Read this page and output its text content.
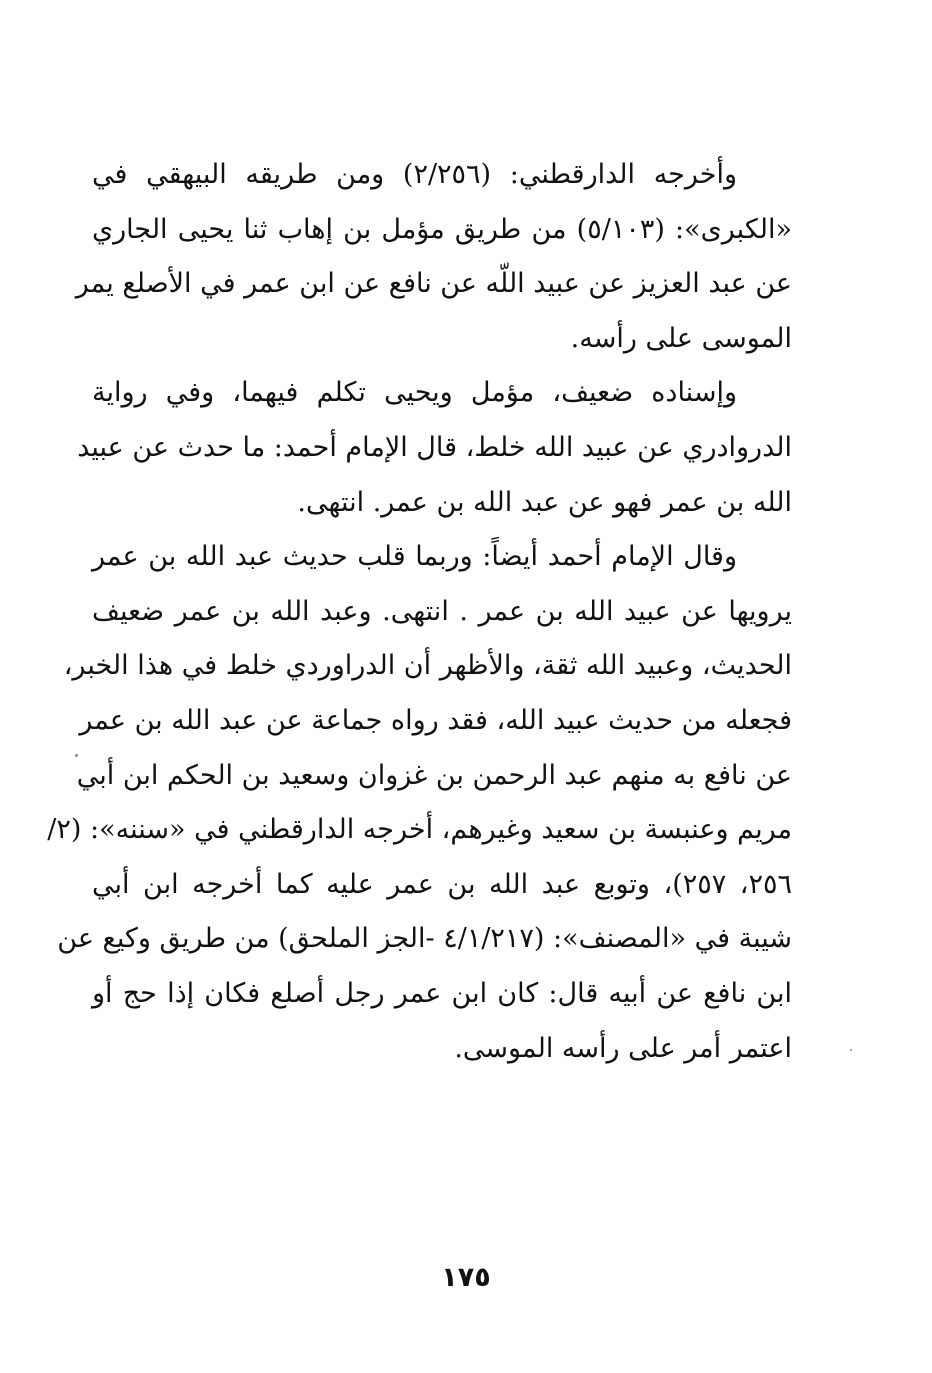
وأخرجه الدارقطني: (٢/٢٥٦) ومن طريقه البيهقي في
«الكبرى»: (٥/١٠٣) من طريق مؤمل بن إهاب ثنا يحيى الجاري
عن عبد العزيز عن عبيد اللّه عن نافع عن ابن عمر في الأصلع يمر
الموسى على رأسه.

وإسناده ضعيف، مؤمل ويحيى تكلم فيهما، وفي رواية
الدروادري عن عبيد الله خلط، قال الإمام أحمد: ما حدث عن عبيد
الله بن عمر فهو عن عبد الله بن عمر. انتهى.

وقال الإمام أحمد أيضاً: وربما قلب حديث عبد الله بن عمر
يرويها عن عبيد الله بن عمر . انتهى. وعبد الله بن عمر ضعيف
الحديث، وعبيد الله ثقة، والأظهر أن الدراوردي خلط في هذا الخبر،
فجعله من حديث عبيد الله، فقد رواه جماعة عن عبد الله بن عمر
عن نافع به منهم عبد الرحمن بن غزوان وسعيد بن الحكم ابن أبي
مريم وعنبسة بن سعيد وغيرهم، أخرجه الدارقطني في «سننه»: (٢/
٢٥٦، ٢٥٧)، وتوبع عبد الله بن عمر عليه كما أخرجه ابن أبي
شيبة في «المصنف»: (٤/١/٢١٧ -الجز الملحق) من طريق وكيع عن
ابن نافع عن أبيه قال: كان ابن عمر رجل أصلع فكان إذا حج أو
اعتمر أمر على رأسه الموسى.

١٧٥
